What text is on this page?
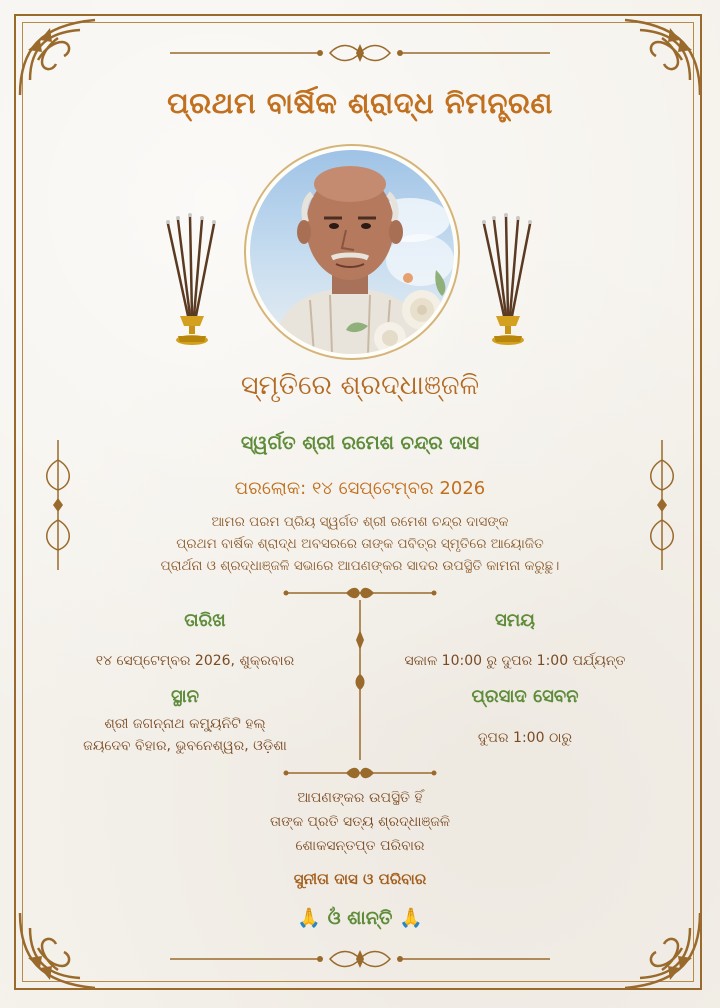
ପ୍ରଥମ ବାର୍ଷିକ ଶ୍ରାଦ୍ଧ ନିମନ୍ତ୍ରଣ
ସ୍ମୃତିରେ ଶ୍ରଦ୍ଧାଞ୍ଜଳି
ସ୍ୱର୍ଗତ ଶ୍ରୀ ରମେଶ ଚନ୍ଦ୍ର ଦାସ
ପରଲୋକ: ୧୪ ସେପ୍ଟେମ୍ବର 2026
ଆମର ପରମ ପ୍ରିୟ ସ୍ୱର୍ଗତ ଶ୍ରୀ ରମେଶ ଚନ୍ଦ୍ର ଦାସଙ୍କ
ପ୍ରଥମ ବାର୍ଷିକ ଶ୍ରାଦ୍ଧ ଅବସରରେ ତାଙ୍କ ପବିତ୍ର ସ୍ମୃତିରେ ଆୟୋଜିତ
ପ୍ରାର୍ଥନା ଓ ଶ୍ରଦ୍ଧାଞ୍ଜଳି ସଭାରେ ଆପଣଙ୍କର ସାଦର ଉପସ୍ଥିତି କାମନା କରୁଛୁ।
ତାରିଖ
୧୪ ସେପ୍ଟେମ୍ବର 2026, ଶୁକ୍ରବାର
ସ୍ଥାନ
ଶ୍ରୀ ଜଗନ୍ନାଥ କମ୍ୟୁନିଟି ହଲ୍
ଜୟଦେବ ବିହାର, ଭୁବନେଶ୍ୱର, ଓଡ଼ିଶା
ସମୟ
ସକାଳ 10:00 ରୁ ଦୁପର 1:00 ପର୍ଯ୍ୟନ୍ତ
ପ୍ରସାଦ ସେବନ
ଦୁପର 1:00 ଠାରୁ
ଆପଣଙ୍କର ଉପସ୍ଥିତି ହିଁ
ତାଙ୍କ ପ୍ରତି ସତ୍ୟ ଶ୍ରଦ୍ଧାଞ୍ଜଳି
ଶୋକସନ୍ତପ୍ତ ପରିବାର
ସୁନୀତା ଦାସ ଓ ପରିବାର
🙏 ଓଁ ଶାନ୍ତି 🙏
